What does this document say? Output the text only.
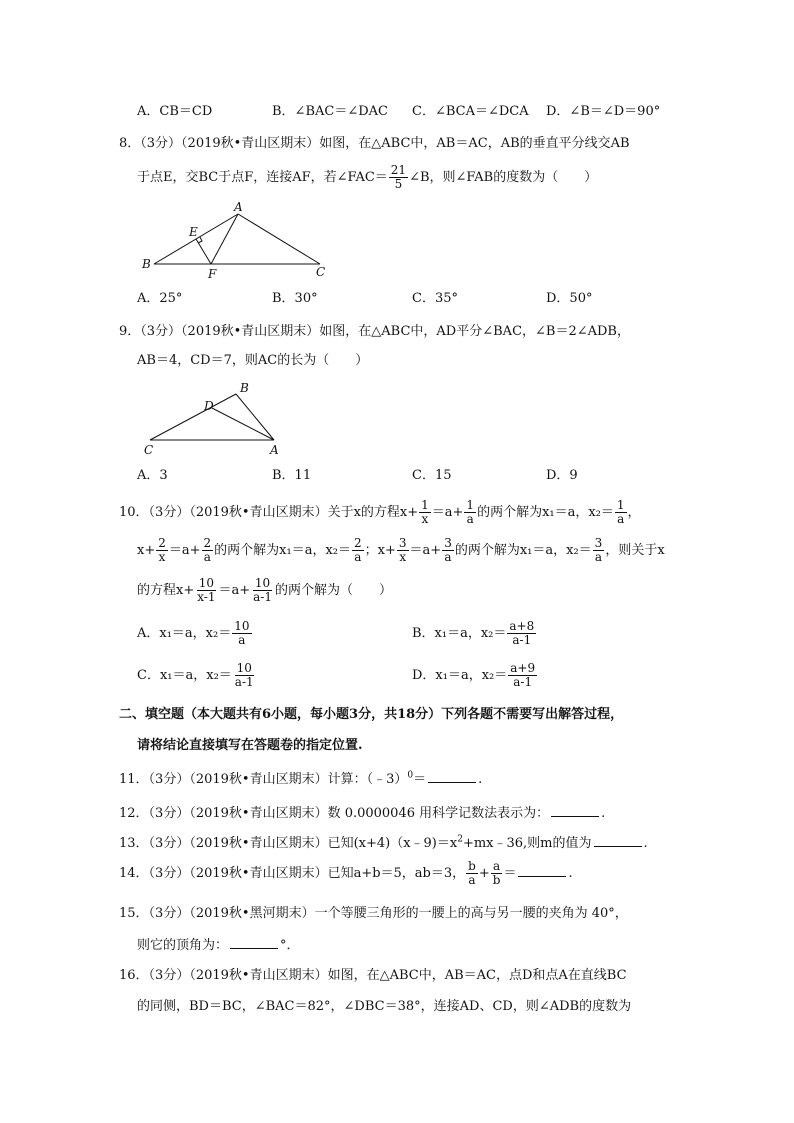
A．CB＝CD	B．∠BAC＝∠DAC C．∠BCA＝∠DCA D．∠B＝∠D＝90°
8．（3分）（2019秋•青山区期末）如图，在△ABC中，AB＝AC，AB的垂直平分线交AB
于点E，交BC于点F，连接AF，若∠FAC＝ $\frac{21}{5}$ ∠B，则∠FAB的度数为（　　）
A
B
C
E
F
A．25°	B．30°	C．35°	D．50°
9．（3分）（2019秋•青山区期末）如图，在△ABC中，AD平分∠BAC，∠B＝2∠ADB，
AB＝4，CD＝7，则AC的长为（　　）
B
D
C	A
A．3	B．11	C．15	D．9
10．（3分）（2019秋•青山区期末）关于x的方程$x+ \frac{1}{x} =a+ \frac{1}{a}$ 的两个解为x₁＝a，$x_2= \frac{1}{a}$ ，
$x+ \frac{2}{x} =a+ \frac{2}{a}$ 的两个解为x₁＝a，$x_2= \frac{2}{a}$ ；$x+ \frac{3}{x} =a+ \frac{3}{a}$ 的两个解为x₁＝a，$x_2= \frac{3}{a}$ ，则关于x
的方程$x+ \frac{10}{x-1} =a+ \frac{10}{a-1}$ 的两个解为（　　）
A．x₁＝a，$x_2= \frac{10}{a}$	B．x₁＝a，$x_2= \frac{a+8}{a-1}$
C．x₁＝a，$x_2= \frac{10}{a-1}$	D．x₁＝a，$x_2= \frac{a+9}{a-1}$
二、填空题（本大题共有6小题，每小题3分，共18分）下列各题不需要写出解答过程，
请将结论直接填写在答题卷的指定位置.
11．（3分）（2019秋•青山区期末）计算：（﹣3）$^0$＝	.
12．（3分）（2019秋•青山区期末）数 0.0000046 用科学记数法表示为：	.
13．（3分）（2019秋•青山区期末）已知$(x+4)(x﹣9)=x^2+mx﹣36$,则m的值为	.
14．（3分）（2019秋•青山区期末）已知a+b＝5，ab＝3， $\frac{b}{a} + \frac{a}{b}$ ＝	.
15．（3分）（2019秋•黑河期末）一个等腰三角形的一腰上的高与另一腰的夹角为 40°，
则它的顶角为：	°．
16．（3分）（2019秋•青山区期末）如图，在△ABC中，AB＝AC，点D和点A在直线BC
的同侧，BD＝BC，∠BAC＝82°，∠DBC＝38°，连接AD、CD，则∠ADB的度数为
